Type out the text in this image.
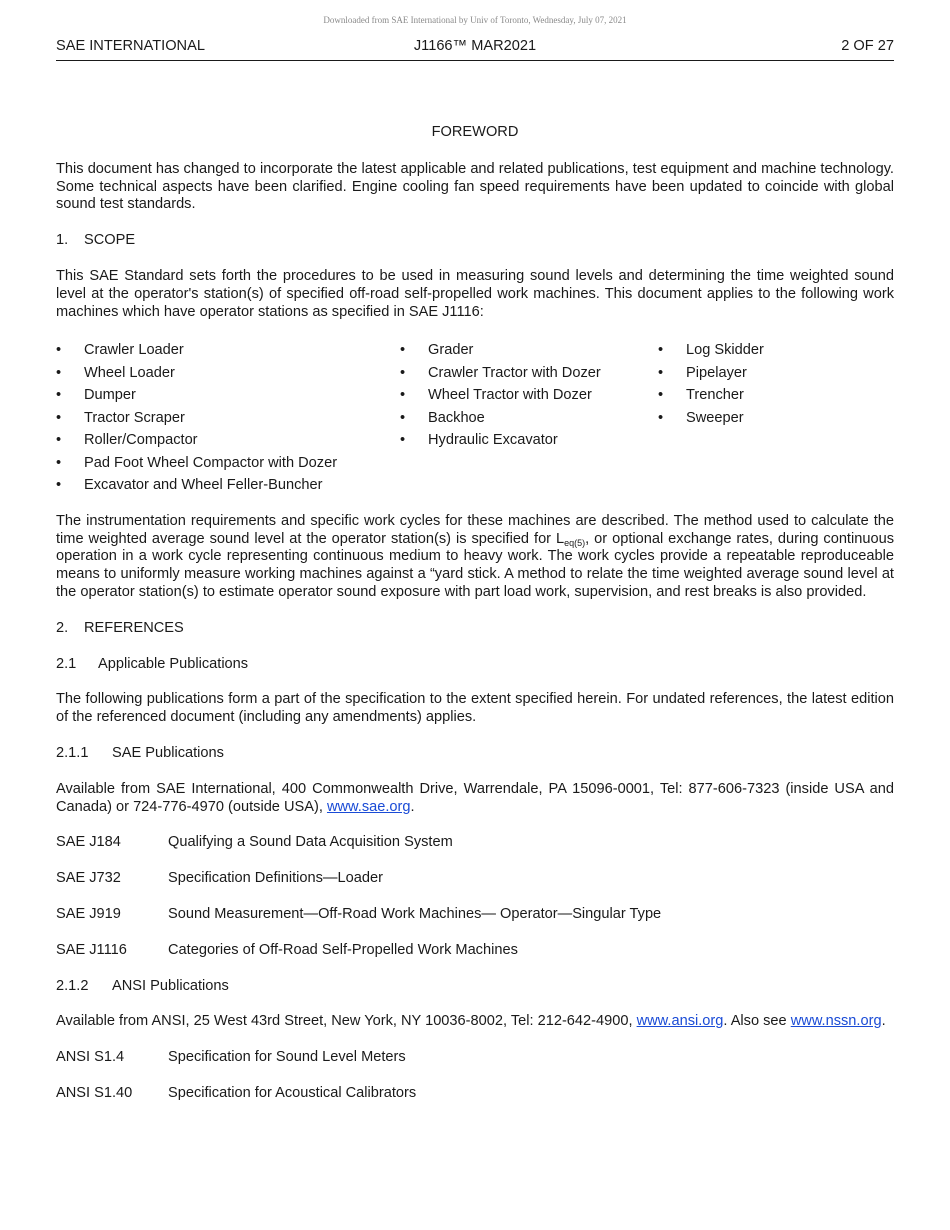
Downloaded from SAE International by Univ of Toronto, Wednesday, July 07, 2021
J1166™ MAR2021
SAE INTERNATIONAL	2 OF 27

FOREWORD

This document has changed to incorporate the latest applicable and related publications, test equipment and machine technology. Some technical aspects have been clarified. Engine cooling fan speed requirements have been updated to coincide with global sound test standards.

1. SCOPE

This SAE Standard sets forth the procedures to be used in measuring sound levels and determining the time weighted sound level at the operator's station(s) of specified off-road self-propelled work machines. This document applies to the following work machines which have operator stations as specified in SAE J1116:

• Crawler Loader
• Wheel Loader
• Dumper
• Tractor Scraper
• Roller/Compactor
• Pad Foot Wheel Compactor with Dozer
• Excavator and Wheel Feller-Buncher
• Grader
• Crawler Tractor with Dozer
• Wheel Tractor with Dozer
• Backhoe
• Hydraulic Excavator
• Log Skidder
• Pipelayer
• Trencher
• Sweeper

The instrumentation requirements and specific work cycles for these machines are described. The method used to calculate the time weighted average sound level at the operator station(s) is specified for $L_{eq(5)}$, or optional exchange rates, during continuous operation in a work cycle representing continuous medium to heavy work. The work cycles provide a repeatable reproduceable means to uniformly measure working machines against a “yard stick. A method to relate the time weighted average sound level at the operator station(s) to estimate operator sound exposure with part load work, supervision, and rest breaks is also provided.

2. REFERENCES

2.1 Applicable Publications

The following publications form a part of the specification to the extent specified herein. For undated references, the latest edition of the referenced document (including any amendments) applies.

2.1.1 SAE Publications

Available from SAE International, 400 Commonwealth Drive, Warrendale, PA 15096-0001, Tel: 877-606-7323 (inside USA and Canada) or 724-776-4970 (outside USA), www.sae.org.

SAE J184	Qualifying a Sound Data Acquisition System
SAE J732	Specification Definitions—Loader
SAE J919	Sound Measurement—Off-Road Work Machines— Operator—Singular Type
SAE J1116	Categories of Off-Road Self-Propelled Work Machines

2.1.2 ANSI Publications

Available from ANSI, 25 West 43rd Street, New York, NY 10036-8002, Tel: 212-642-4900, www.ansi.org. Also see www.nssn.org.

ANSI S1.4	Specification for Sound Level Meters
ANSI S1.40	Specification for Acoustical Calibrators
